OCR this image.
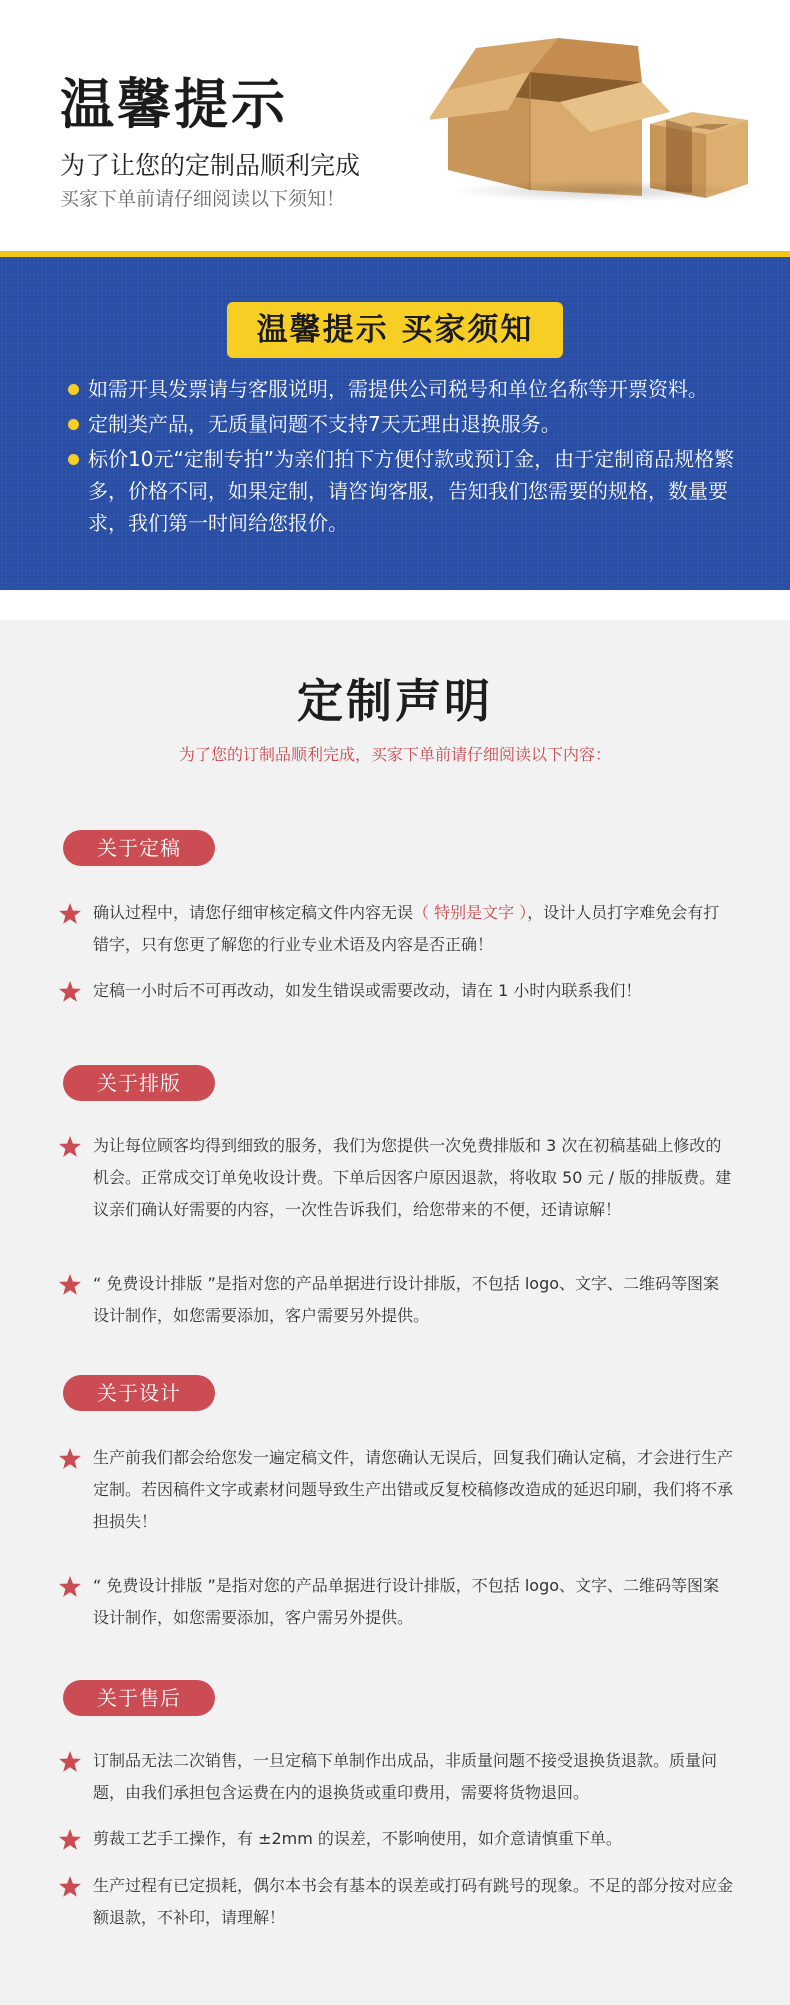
温馨提示
为了让您的定制品顺利完成
买家下单前请仔细阅读以下须知！
温馨提示 买家须知
如需开具发票请与客服说明，需提供公司税号和单位名称等开票资料。
定制类产品，无质量问题不支持7天无理由退换服务。
标价10元“定制专拍”为亲们拍下方便付款或预订金，由于定制商品规格繁多，价格不同，如果定制，请咨询客服，告知我们您需要的规格，数量要求，我们第一时间给您报价。
定制声明
为了您的订制品顺利完成，买家下单前请仔细阅读以下内容：
关于定稿
确认过程中，请您仔细审核定稿文件内容无误（ 特别是文字 ），设计人员打字难免会有打错字，只有您更了解您的行业专业术语及内容是否正确！
定稿一小时后不可再改动，如发生错误或需要改动，请在 1 小时内联系我们！
关于排版
为让每位顾客均得到细致的服务，我们为您提供一次免费排版和 3 次在初稿基础上修改的机会。正常成交订单免收设计费。下单后因客户原因退款，将收取 50 元 / 版的排版费。建议亲们确认好需要的内容，一次性告诉我们，给您带来的不便，还请谅解！
“ 免费设计排版 ”是指对您的产品单据进行设计排版，不包括 logo、文字、二维码等图案设计制作，如您需要添加，客户需要另外提供。
关于设计
生产前我们都会给您发一遍定稿文件，请您确认无误后，回复我们确认定稿，才会进行生产定制。若因稿件文字或素材问题导致生产出错或反复校稿修改造成的延迟印刷，我们将不承担损失！
“ 免费设计排版 ”是指对您的产品单据进行设计排版，不包括 logo、文字、二维码等图案设计制作，如您需要添加，客户需另外提供。
关于售后
订制品无法二次销售，一旦定稿下单制作出成品，非质量问题不接受退换货退款。质量问题，由我们承担包含运费在内的退换货或重印费用，需要将货物退回。
剪裁工艺手工操作，有 ±2mm 的误差，不影响使用，如介意请慎重下单。
生产过程有已定损耗，偶尔本书会有基本的误差或打码有跳号的现象。不足的部分按对应金额退款，不补印，请理解！
